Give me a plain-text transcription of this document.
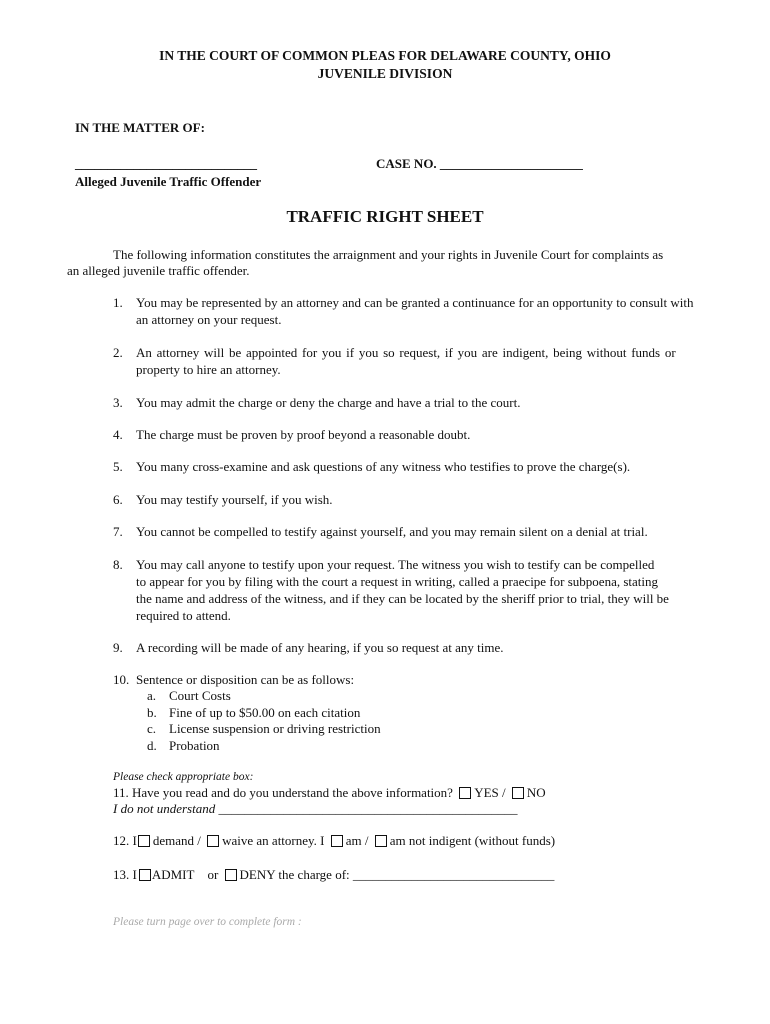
IN THE COURT OF COMMON PLEAS FOR DELAWARE COUNTY, OHIO
JUVENILE DIVISION
IN THE MATTER OF:
____________________________	CASE NO. ______________________
Alleged Juvenile Traffic Offender
TRAFFIC RIGHT SHEET
The following information constitutes the arraignment and your rights in Juvenile Court for complaints as
an alleged juvenile traffic offender.
1. You may be represented by an attorney and can be granted a continuance for an opportunity to consult with
an attorney on your request.
2. An attorney will be appointed for you if you so request, if you are indigent, being without funds or
property to hire an attorney.
3. You may admit the charge or deny the charge and have a trial to the court.
4. The charge must be proven by proof beyond a reasonable doubt.
5. You many cross-examine and ask questions of any witness who testifies to prove the charge(s).
6. You may testify yourself, if you wish.
7. You cannot be compelled to testify against yourself, and you may remain silent on a denial at trial.
8. You may call anyone to testify upon your request. The witness you wish to testify can be compelled
to appear for you by filing with the court a request in writing, called a praecipe for subpoena, stating
the name and address of the witness, and if they can be located by the sheriff prior to trial, they will be
required to attend.
9. A recording will be made of any hearing, if you so request at any time.
10. Sentence or disposition can be as follows:
a. Court Costs
b. Fine of up to $50.00 on each citation
c. License suspension or driving restriction
d. Probation
Please check appropriate box:
11. Have you read and do you understand the above information? YES / NO
I do not understand ______________________________________________
12. I demand / waive an attorney. I am / am not indigent (without funds)
13. I ADMIT or DENY the charge of: _______________________________
Please turn page over to complete form :
